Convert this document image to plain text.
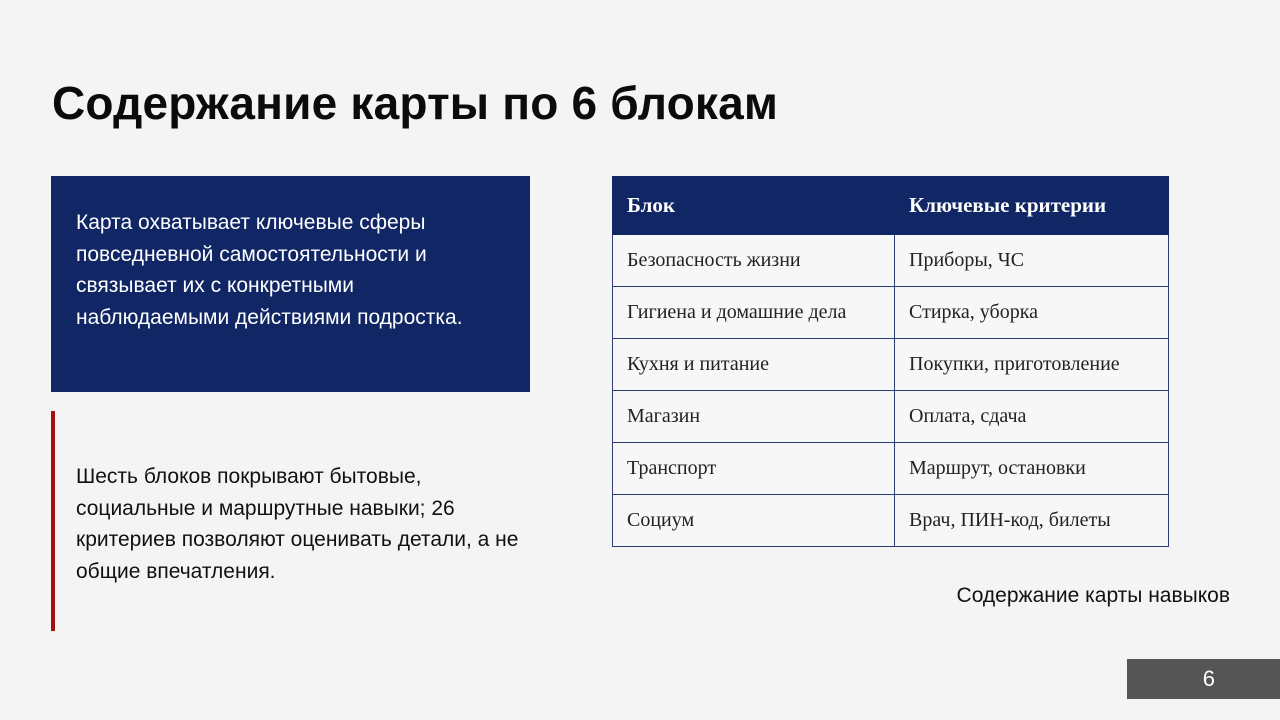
Содержание карты по 6 блокам

Карта охватывает ключевые сферы повседневной самостоятельности и связывает их с конкретными наблюдаемыми действиями подростка.

Шесть блоков покрывают бытовые, социальные и маршрутные навыки; 26 критериев позволяют оценивать детали, а не общие впечатления.

Блок	Ключевые критерии
Безопасность жизни	Приборы, ЧС
Гигиена и домашние дела	Стирка, уборка
Кухня и питание	Покупки, приготовление
Магазин	Оплата, сдача
Транспорт	Маршрут, остановки
Социум	Врач, ПИН-код, билеты

Содержание карты навыков

6
